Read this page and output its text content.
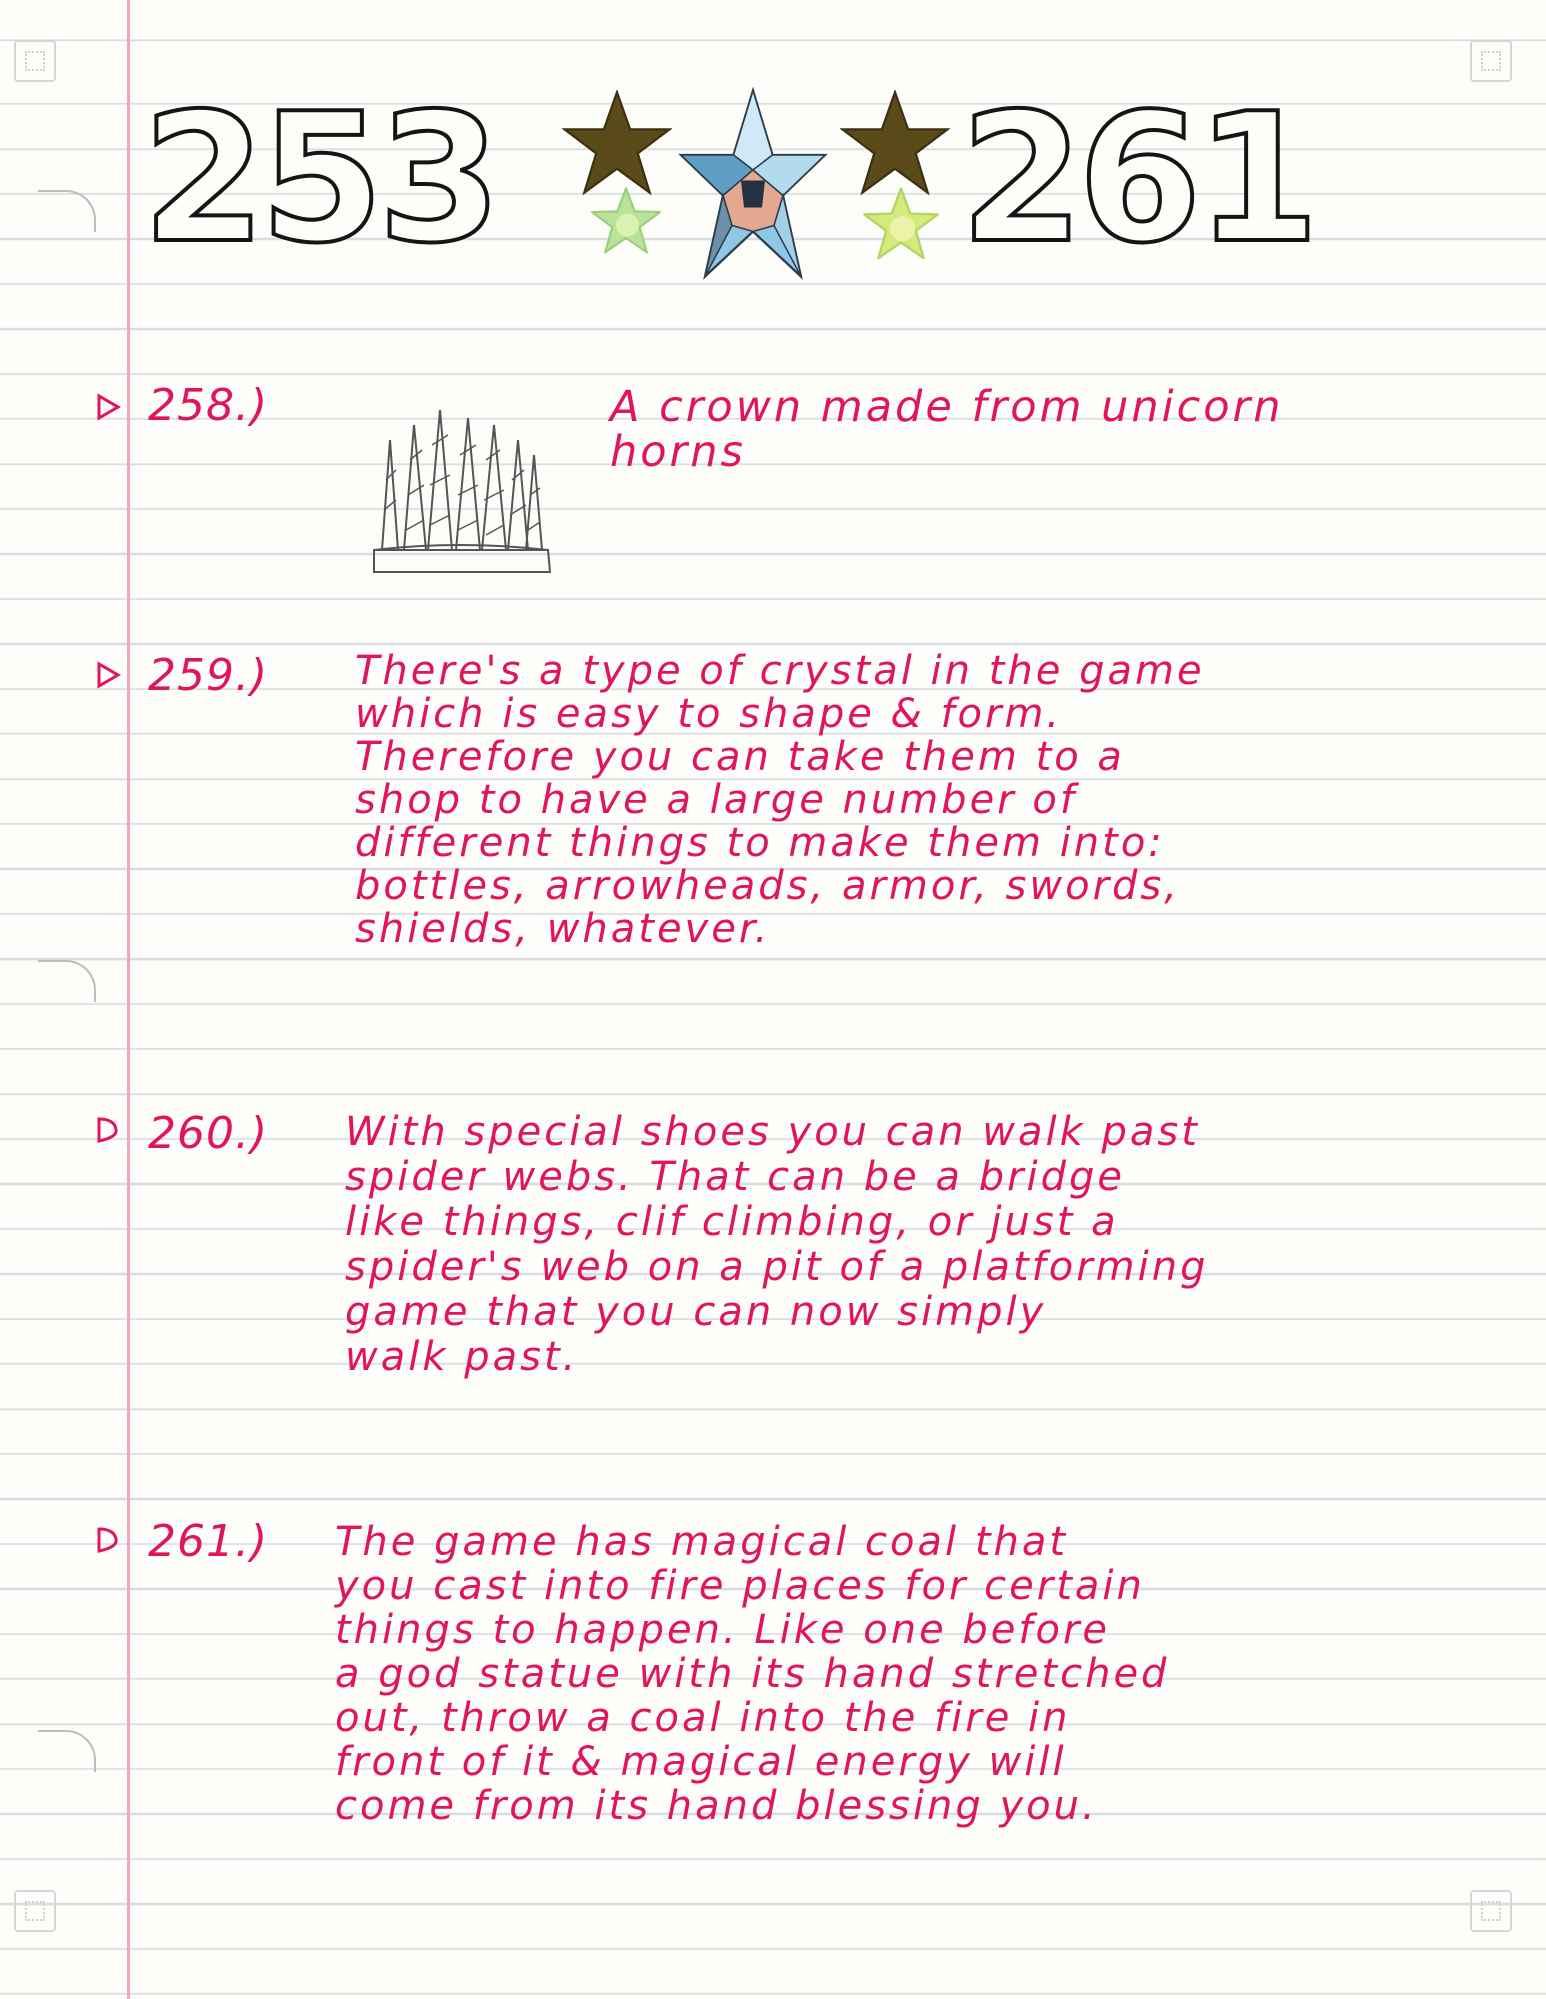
253	261
258.)
259.)
260.)
261.)
A crown made from unicorn
horns
There's a type of crystal in the game
which is easy to shape & form.
Therefore you can take them to a
shop to have a large number of
different things to make them into:
bottles, arrowheads, armor, swords,
shields, whatever.
With special shoes you can walk past
spider webs. That can be a bridge
like things, clif climbing, or just a
spider's web on a pit of a platforming
game that you can now simply
walk past.
The game has magical coal that
you cast into fire places for certain
things to happen. Like one before
a god statue with its hand stretched
out, throw a coal into the fire in
front of it & magical energy will
come from its hand blessing you.
